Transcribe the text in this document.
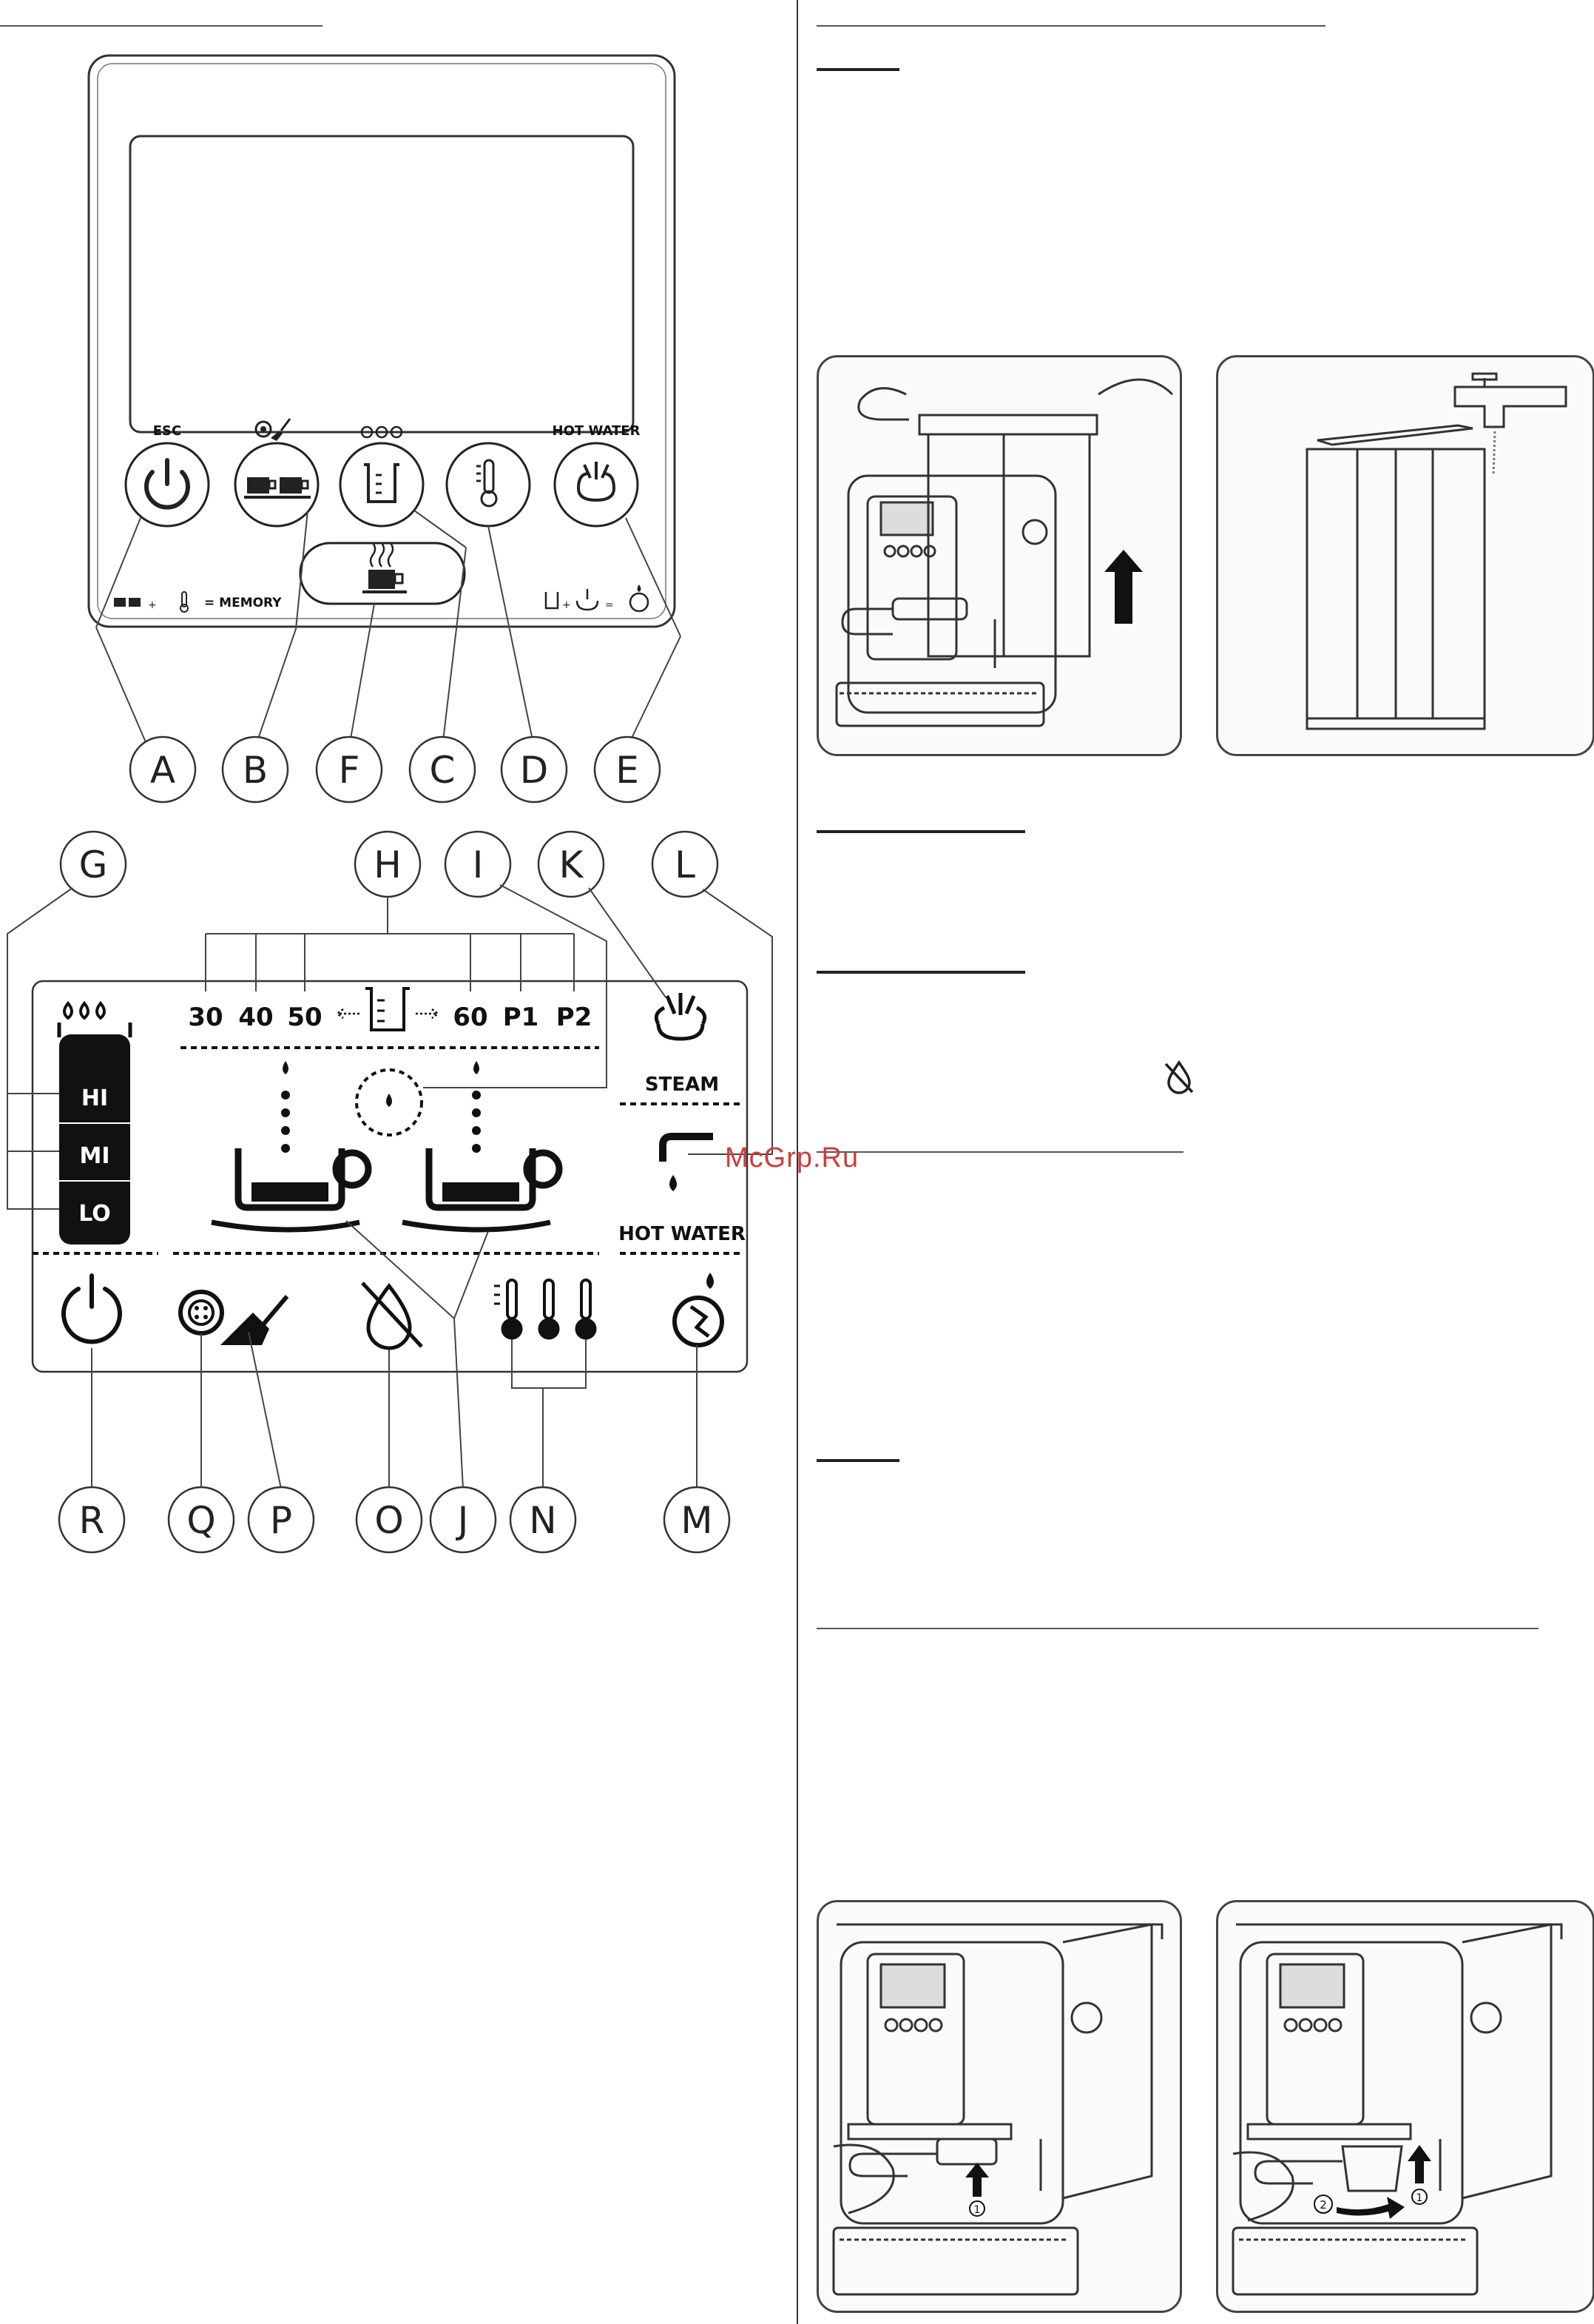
ESC	HOT WATER
= MEMORY
+	+	=
A B F C D E
G	H I K L
HI
MI
LO
30 40 50	60 P1 P2
STEAM
HOT WATER
R Q P O J N	M
McGrp.Ru
1
1
2
